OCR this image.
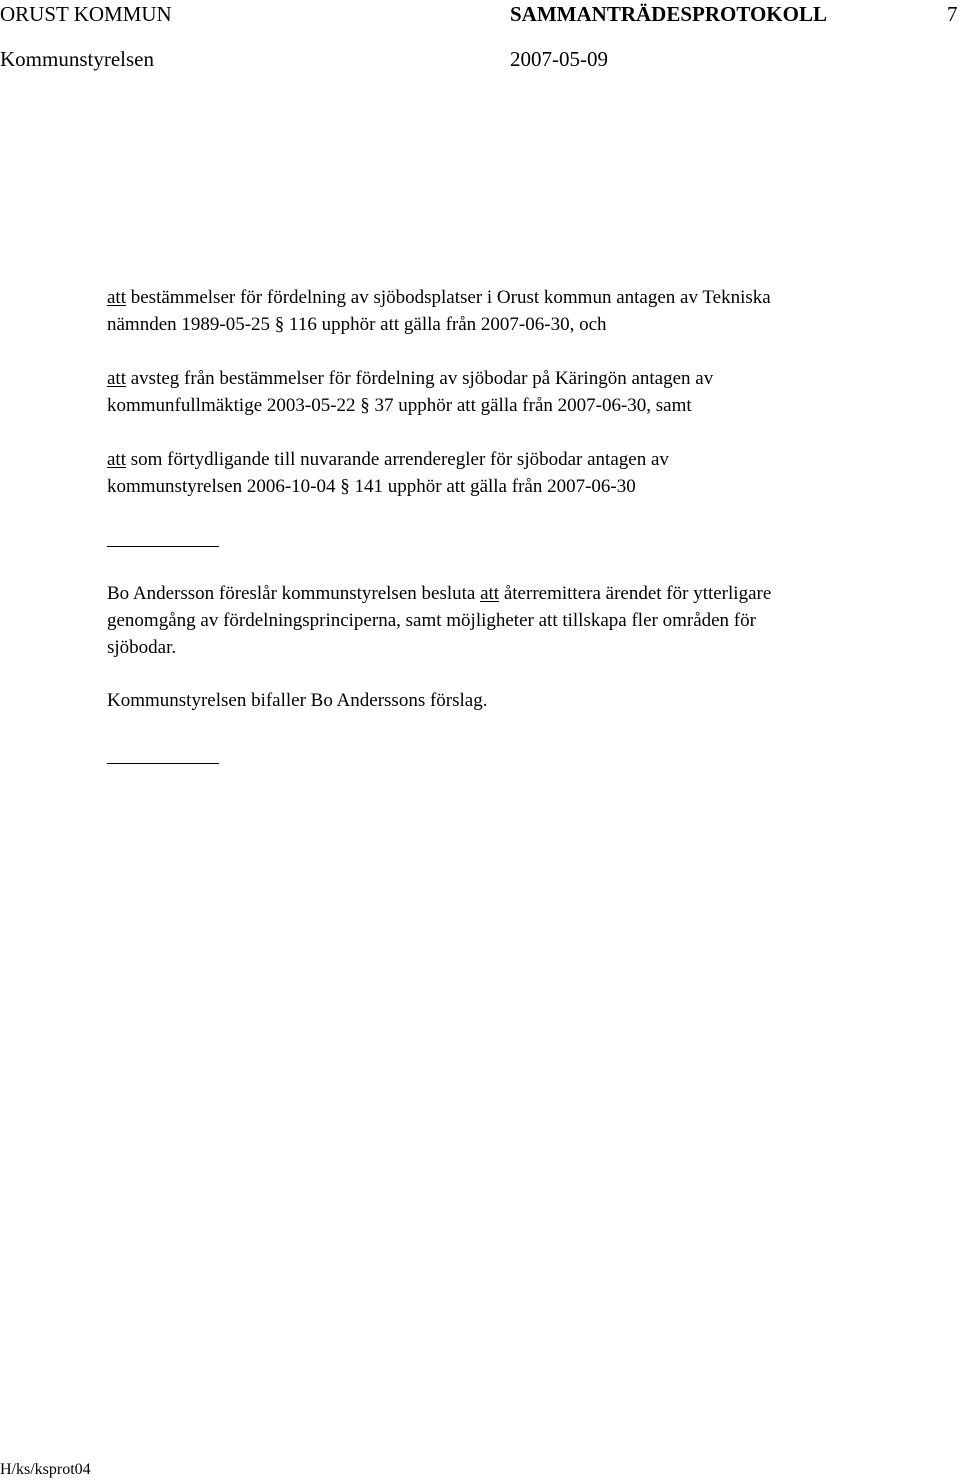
ORUST KOMMUN	SAMMANTRÄDESPROTOKOLL	7
Kommunstyrelsen	2007-05-09
att bestämmelser för fördelning av sjöbodsplatser i Orust kommun antagen av Tekniska
nämnden 1989-05-25 § 116 upphör att gälla från 2007-06-30, och
att avsteg från bestämmelser för fördelning av sjöbodar på Käringön antagen av
kommunfullmäktige 2003-05-22 § 37 upphör att gälla från 2007-06-30, samt
att som förtydligande till nuvarande arrenderegler för sjöbodar antagen av
kommunstyrelsen 2006-10-04 § 141 upphör att gälla från 2007-06-30
Bo Andersson föreslår kommunstyrelsen besluta att återremittera ärendet för ytterligare
genomgång av fördelningsprinciperna, samt möjligheter att tillskapa fler områden för
sjöbodar.
Kommunstyrelsen bifaller Bo Anderssons förslag.
H/ks/ksprot04
